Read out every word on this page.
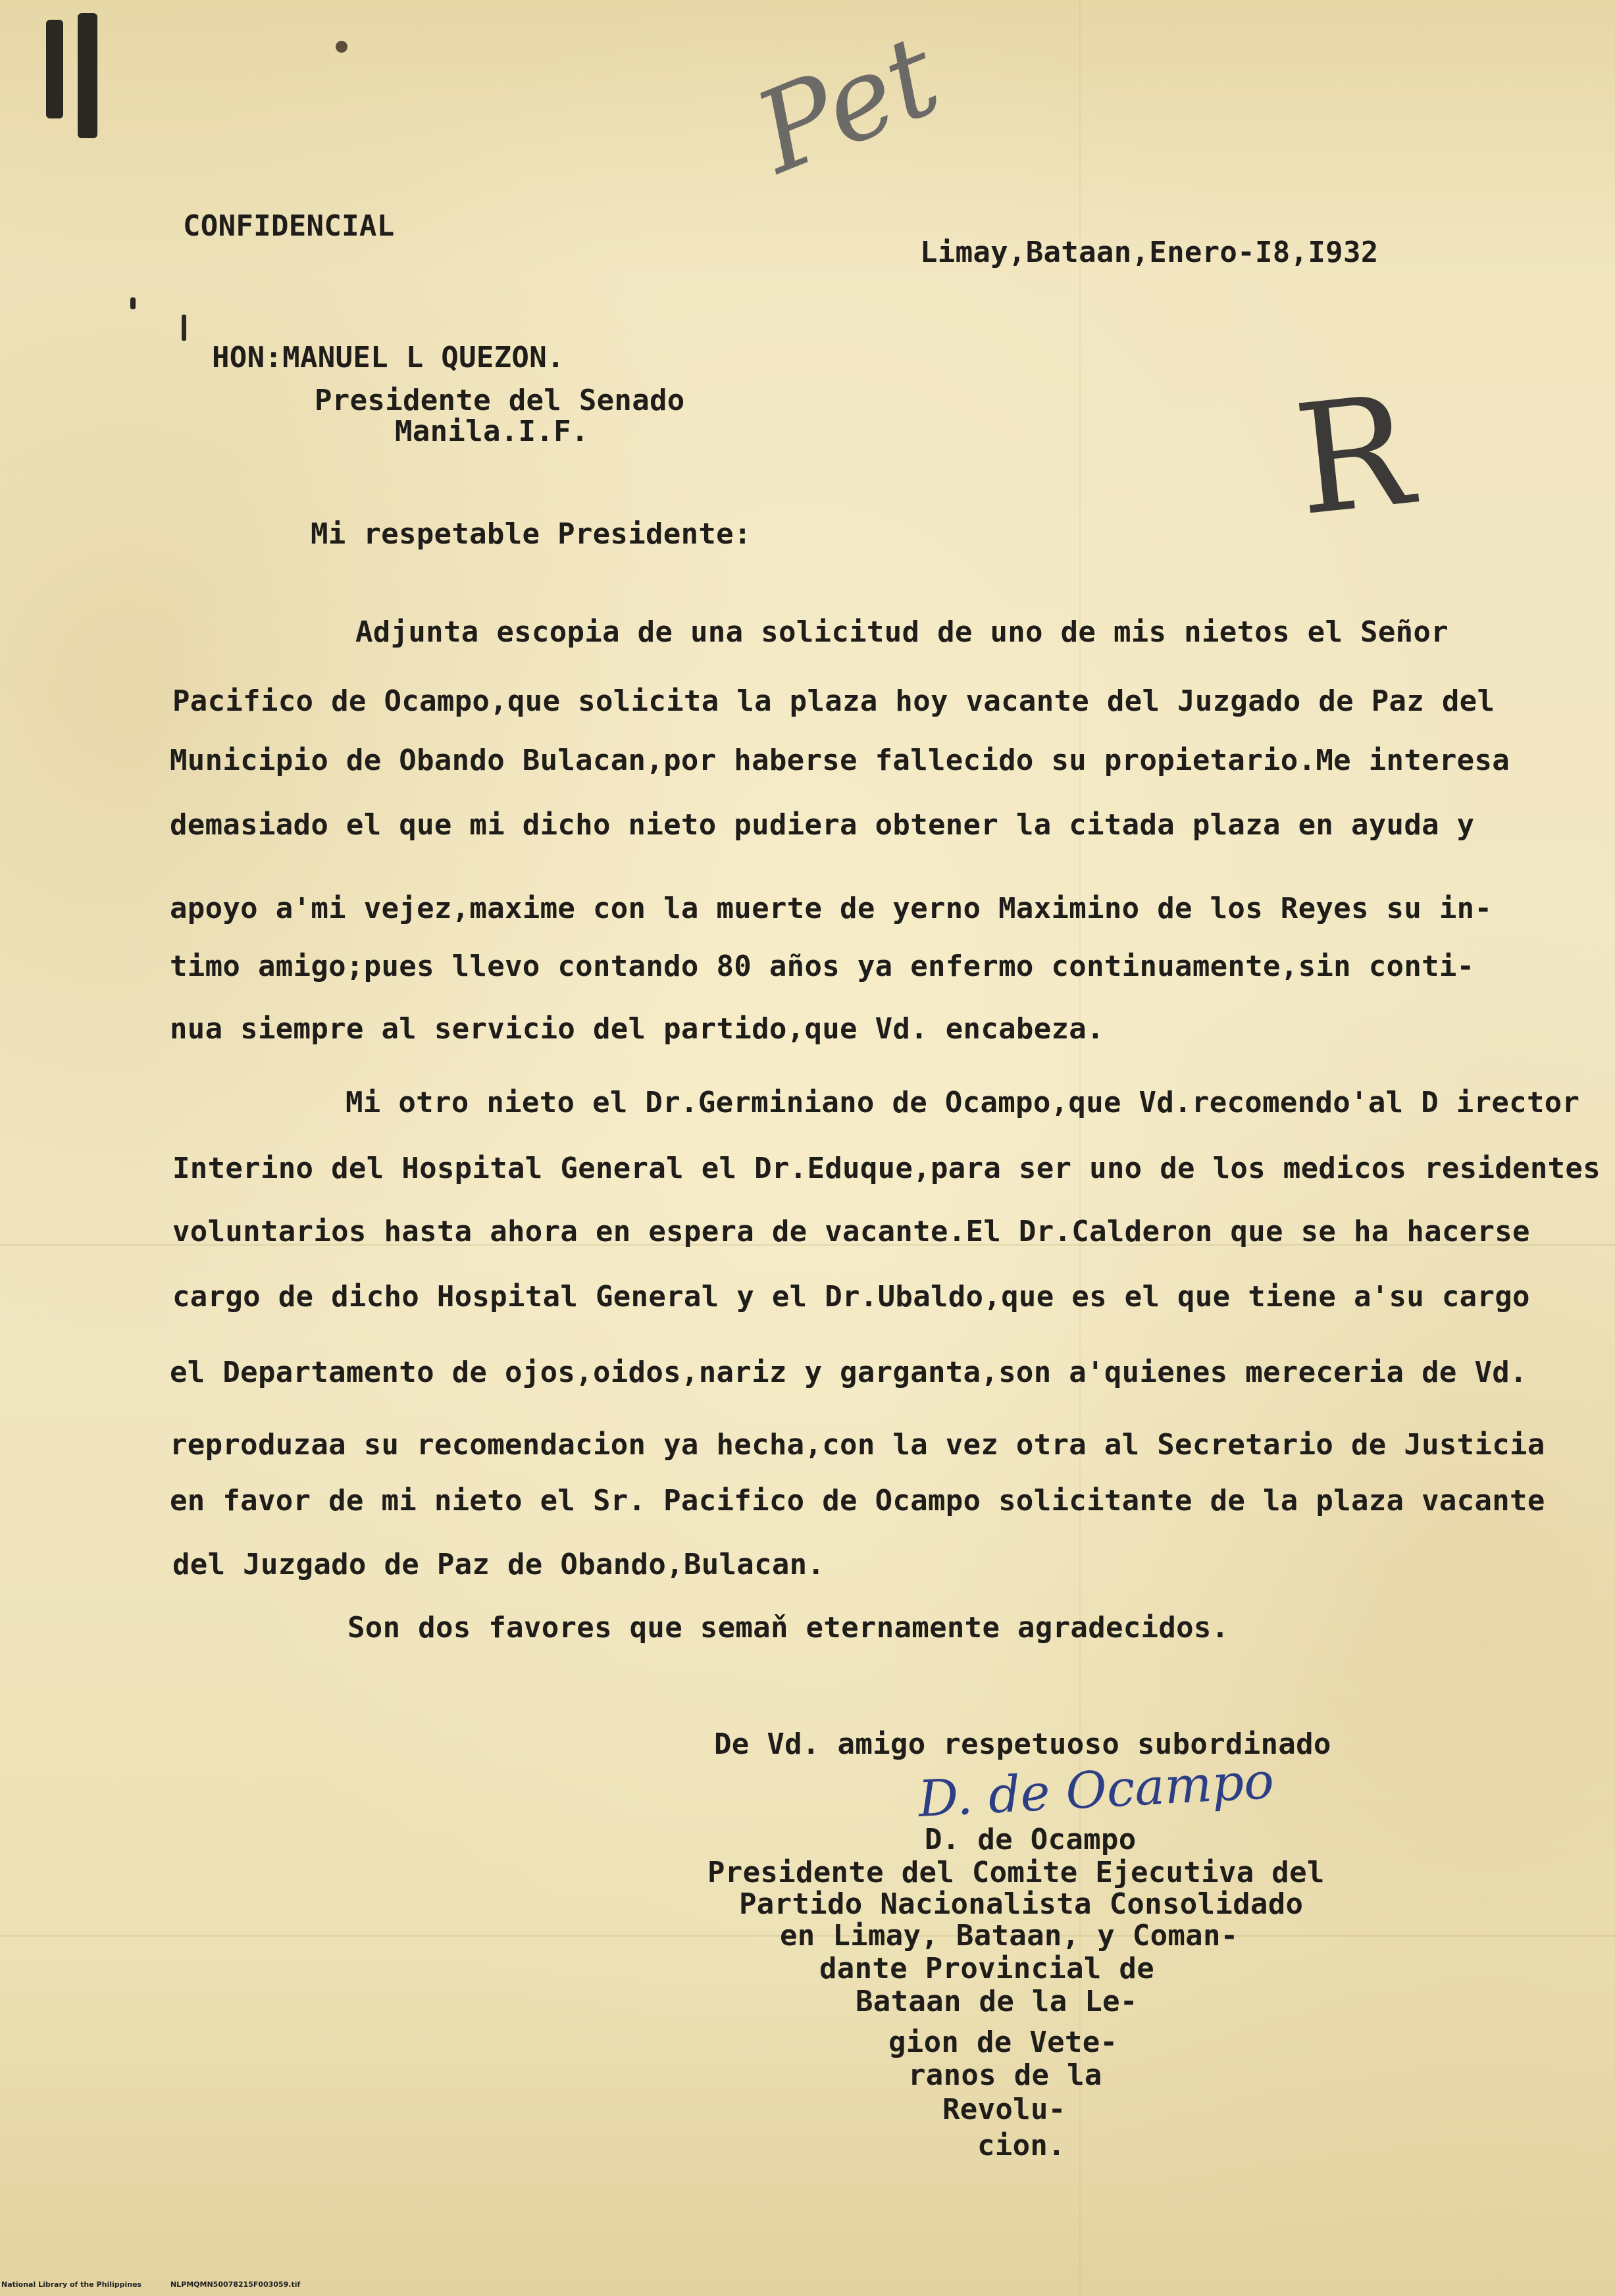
Pet
R
CONFIDENCIAL
Limay,Bataan,Enero-I8,I932
HON:MANUEL L QUEZON.
Presidente del Senado
Manila.I.F.
Mi respetable Presidente:
Adjunta escopia de una solicitud de uno de mis nietos el Señor
Pacifico de Ocampo,que solicita la plaza hoy vacante del Juzgado de Paz del
Municipio de Obando Bulacan,por haberse fallecido su propietario.Me interesa
demasiado el que mi dicho nieto pudiera obtener la citada plaza en ayuda y
apoyo a'mi vejez,maxime con la muerte de yerno Maximino de los Reyes su in-
timo amigo;pues llevo contando 80 años ya enfermo continuamente,sin conti-
nua siempre al servicio del partido,que Vd. encabeza.
Mi otro nieto el Dr.Germiniano de Ocampo,que Vd.recomendo'al D irector
Interino del Hospital General el Dr.Eduque,para ser uno de los medicos residentes
voluntarios hasta ahora en espera de vacante.El Dr.Calderon que se ha hacerse
cargo de dicho Hospital General y el Dr.Ubaldo,que es el que tiene a'su cargo
el Departamento de ojos,oidos,nariz y garganta,son a'quienes mereceria de Vd.
reproduzaa su recomendacion ya hecha,con la vez otra al Secretario de Justicia
en favor de mi nieto el Sr. Pacifico de Ocampo solicitante de la plaza vacante
del Juzgado de Paz de Obando,Bulacan.
Son dos favores que semaň eternamente agradecidos.
De Vd. amigo respetuoso subordinado
D. de Ocampo
D. de Ocampo
Presidente del Comite Ejecutiva del
Partido Nacionalista Consolidado
en Limay, Bataan, y Coman-
dante Provincial de
Bataan de la Le-
gion de Vete-
ranos de la
Revolu-
cion.
National Library of the Philippines	NLPMQMN50078215F003059.tif
